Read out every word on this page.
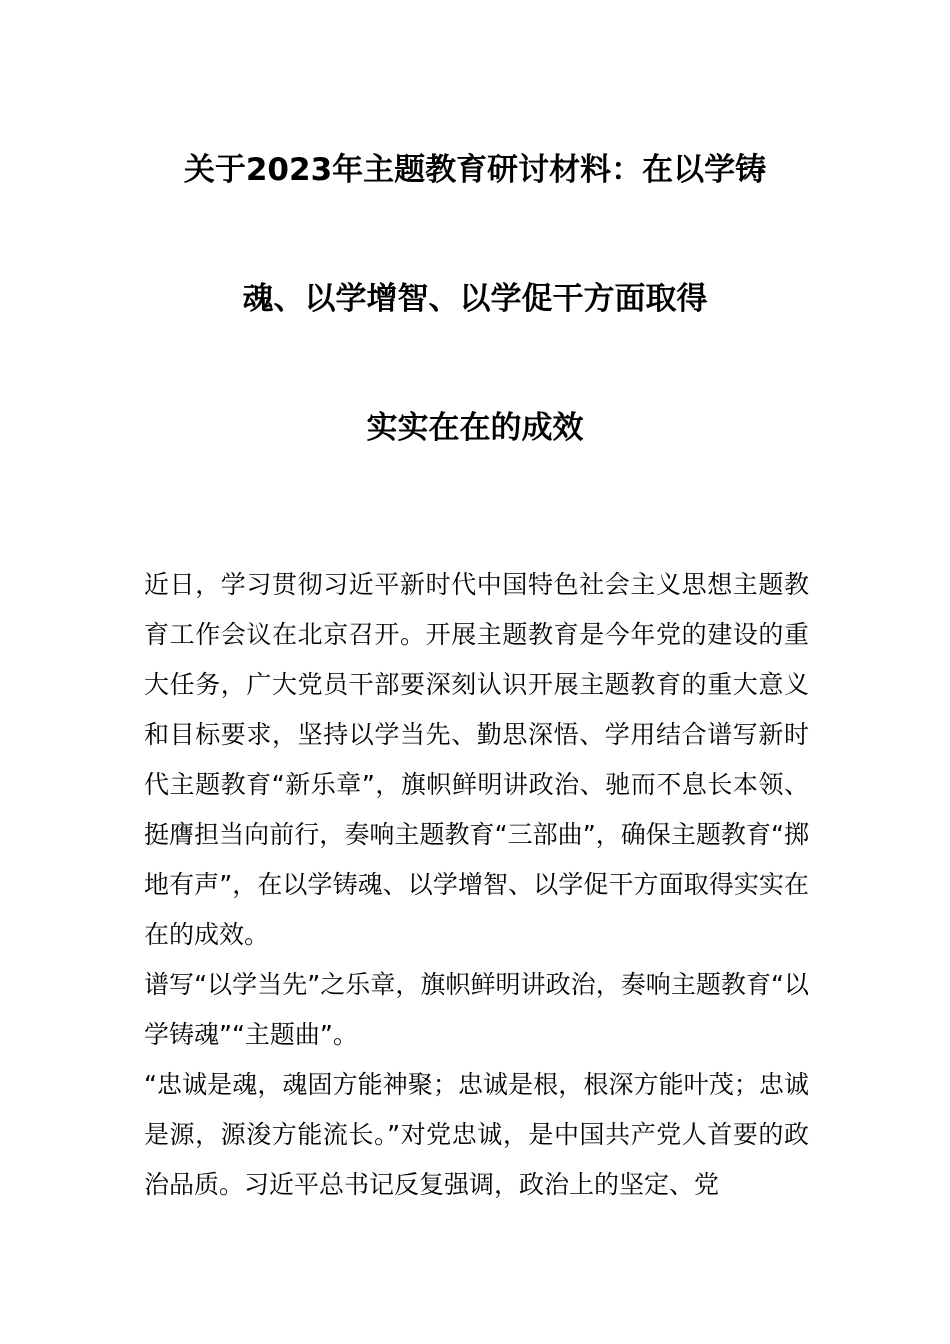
关于2023年主题教育研讨材料：在以学铸
魂、以学增智、以学促干方面取得
实实在在的成效

近日，学习贯彻习近平新时代中国特色社会主义思想主题教育工作会议在北京召开。开展主题教育是今年党的建设的重大任务，广大党员干部要深刻认识开展主题教育的重大意义和目标要求，坚持以学当先、勤思深悟、学用结合谱写新时代主题教育“新乐章”，旗帜鲜明讲政治、驰而不息长本领、挺膺担当向前行，奏响主题教育“三部曲”，确保主题教育“掷地有声”，在以学铸魂、以学增智、以学促干方面取得实实在在的成效。

谱写“以学当先”之乐章，旗帜鲜明讲政治，奏响主题教育“以学铸魂”“主题曲”。

“忠诚是魂，魂固方能神聚；忠诚是根，根深方能叶茂；忠诚是源，源浚方能流长。”对党忠诚，是中国共产党人首要的政治品质。习近平总书记反复强调，政治上的坚定、党
